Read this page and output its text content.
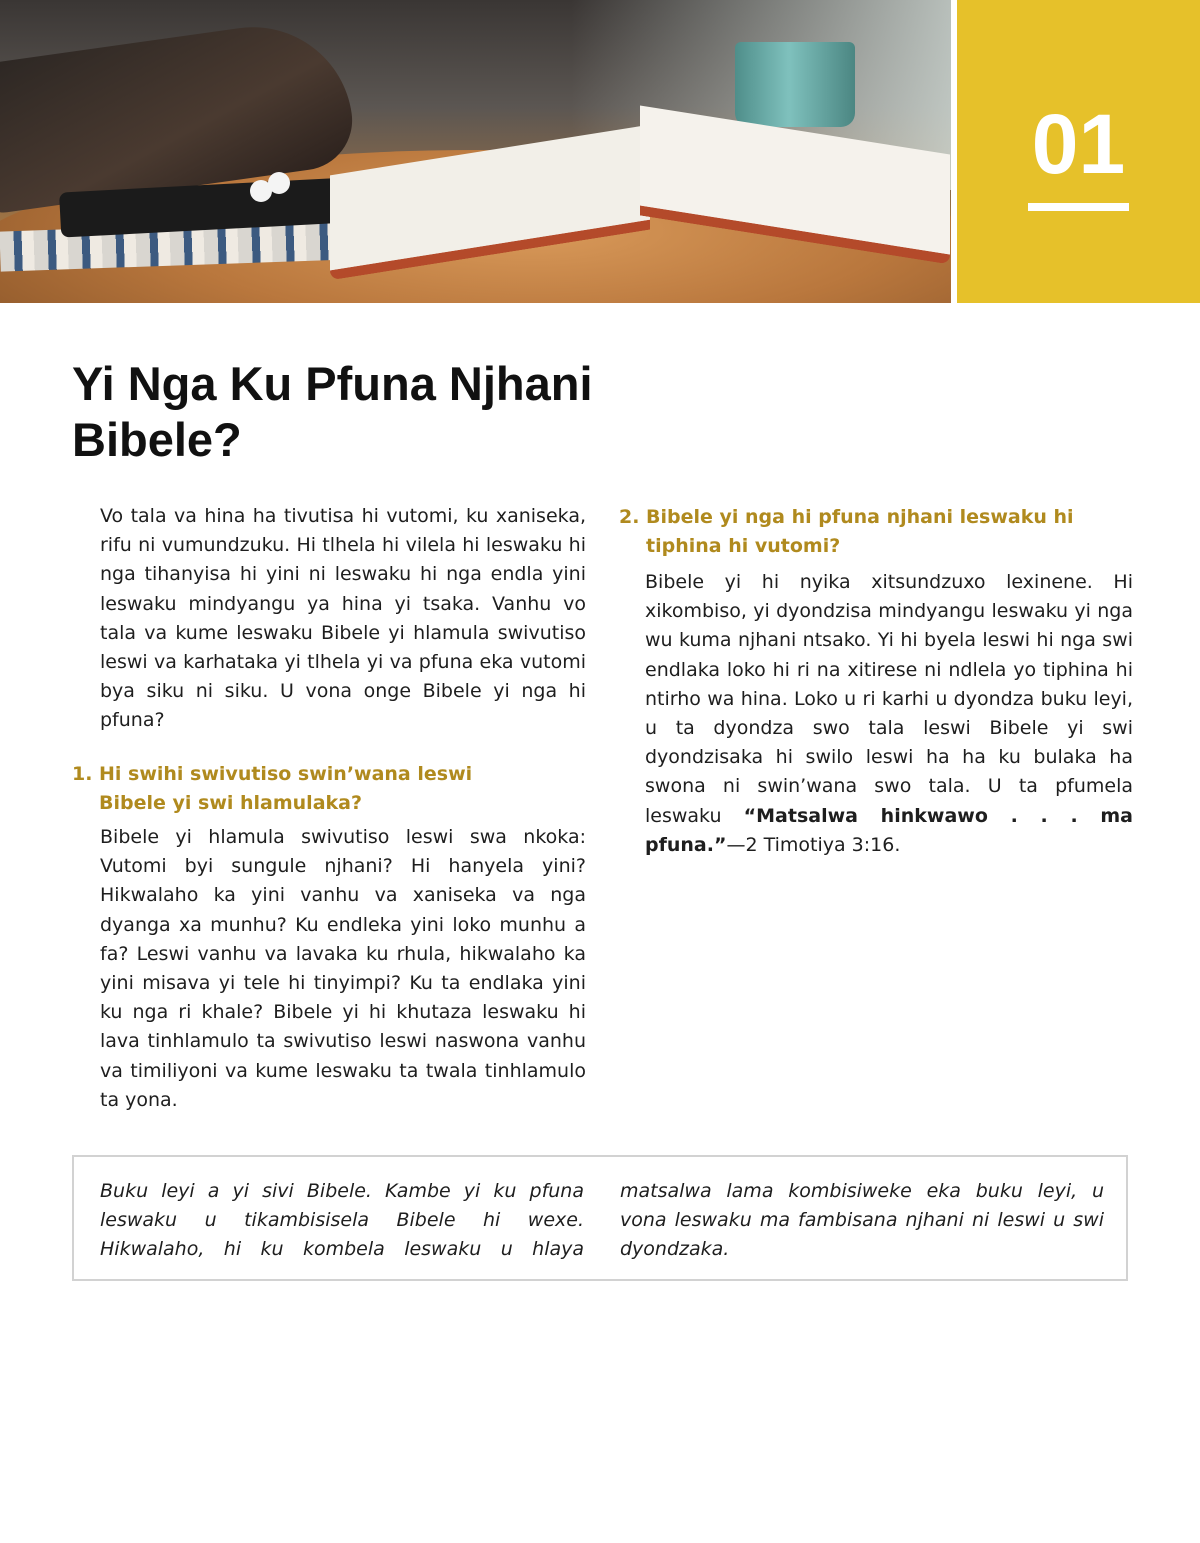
01
Yi Nga Ku Pfuna Njhani Bibele?

Vo tala va hina ha tivutisa hi vutomi, ku xaniseka, rifu ni vumundzuku. Hi tlhela hi vilela hi leswaku hi nga tihanyisa hi yini ni leswaku hi nga endla yini leswaku mindyangu ya hina yi tsaka. Vanhu vo tala va kume leswaku Bibele yi hlamula swivutiso leswi va karhataka yi tlhela yi va pfuna eka vutomi bya siku ni siku. U vona onge Bibele yi nga hi pfuna?

1. Hi swihi swivutiso swin’wana leswi Bibele yi swi hlamulaka?

Bibele yi hlamula swivutiso leswi swa nkoka: Vutomi byi sungule njhani? Hi hanyela yini? Hikwalaho ka yini vanhu va xaniseka va nga dyanga xa munhu? Ku endleka yini loko munhu a fa? Leswi vanhu va lavaka ku rhula, hikwalaho ka yini misava yi tele hi tinyimpi? Ku ta endlaka yini ku nga ri khale? Bibele yi hi khutaza leswaku hi lava tinhlamulo ta swivutiso leswi naswona vanhu va timiliyoni va kume leswaku ta twala tinhlamulo ta yona.

2. Bibele yi nga hi pfuna njhani leswaku hi tiphina hi vutomi?

Bibele yi hi nyika xitsundzuxo lexinene. Hi xikombiso, yi dyondzisa mindyangu leswaku yi nga wu kuma njhani ntsako. Yi hi byela leswi hi nga swi endlaka loko hi ri na xitirese ni ndlela yo tiphina hi ntirho wa hina. Loko u ri karhi u dyondza buku leyi, u ta dyondza swo tala leswi Bibele yi swi dyondzisaka hi swilo leswi ha ha ku bulaka ha swona ni swin’wana swo tala. U ta pfumela leswaku “Matsalwa hinkwawo . . . ma pfuna.”—2 Timotiya 3:16.

Buku leyi a yi sivi Bibele. Kambe yi ku pfuna leswaku u tikambisisela Bibele hi wexe. Hikwalaho, hi ku kombela leswaku u hlaya matsalwa lama kombisiweke eka buku leyi, u vona leswaku ma fambisana njhani ni leswi u swi dyondzaka.
